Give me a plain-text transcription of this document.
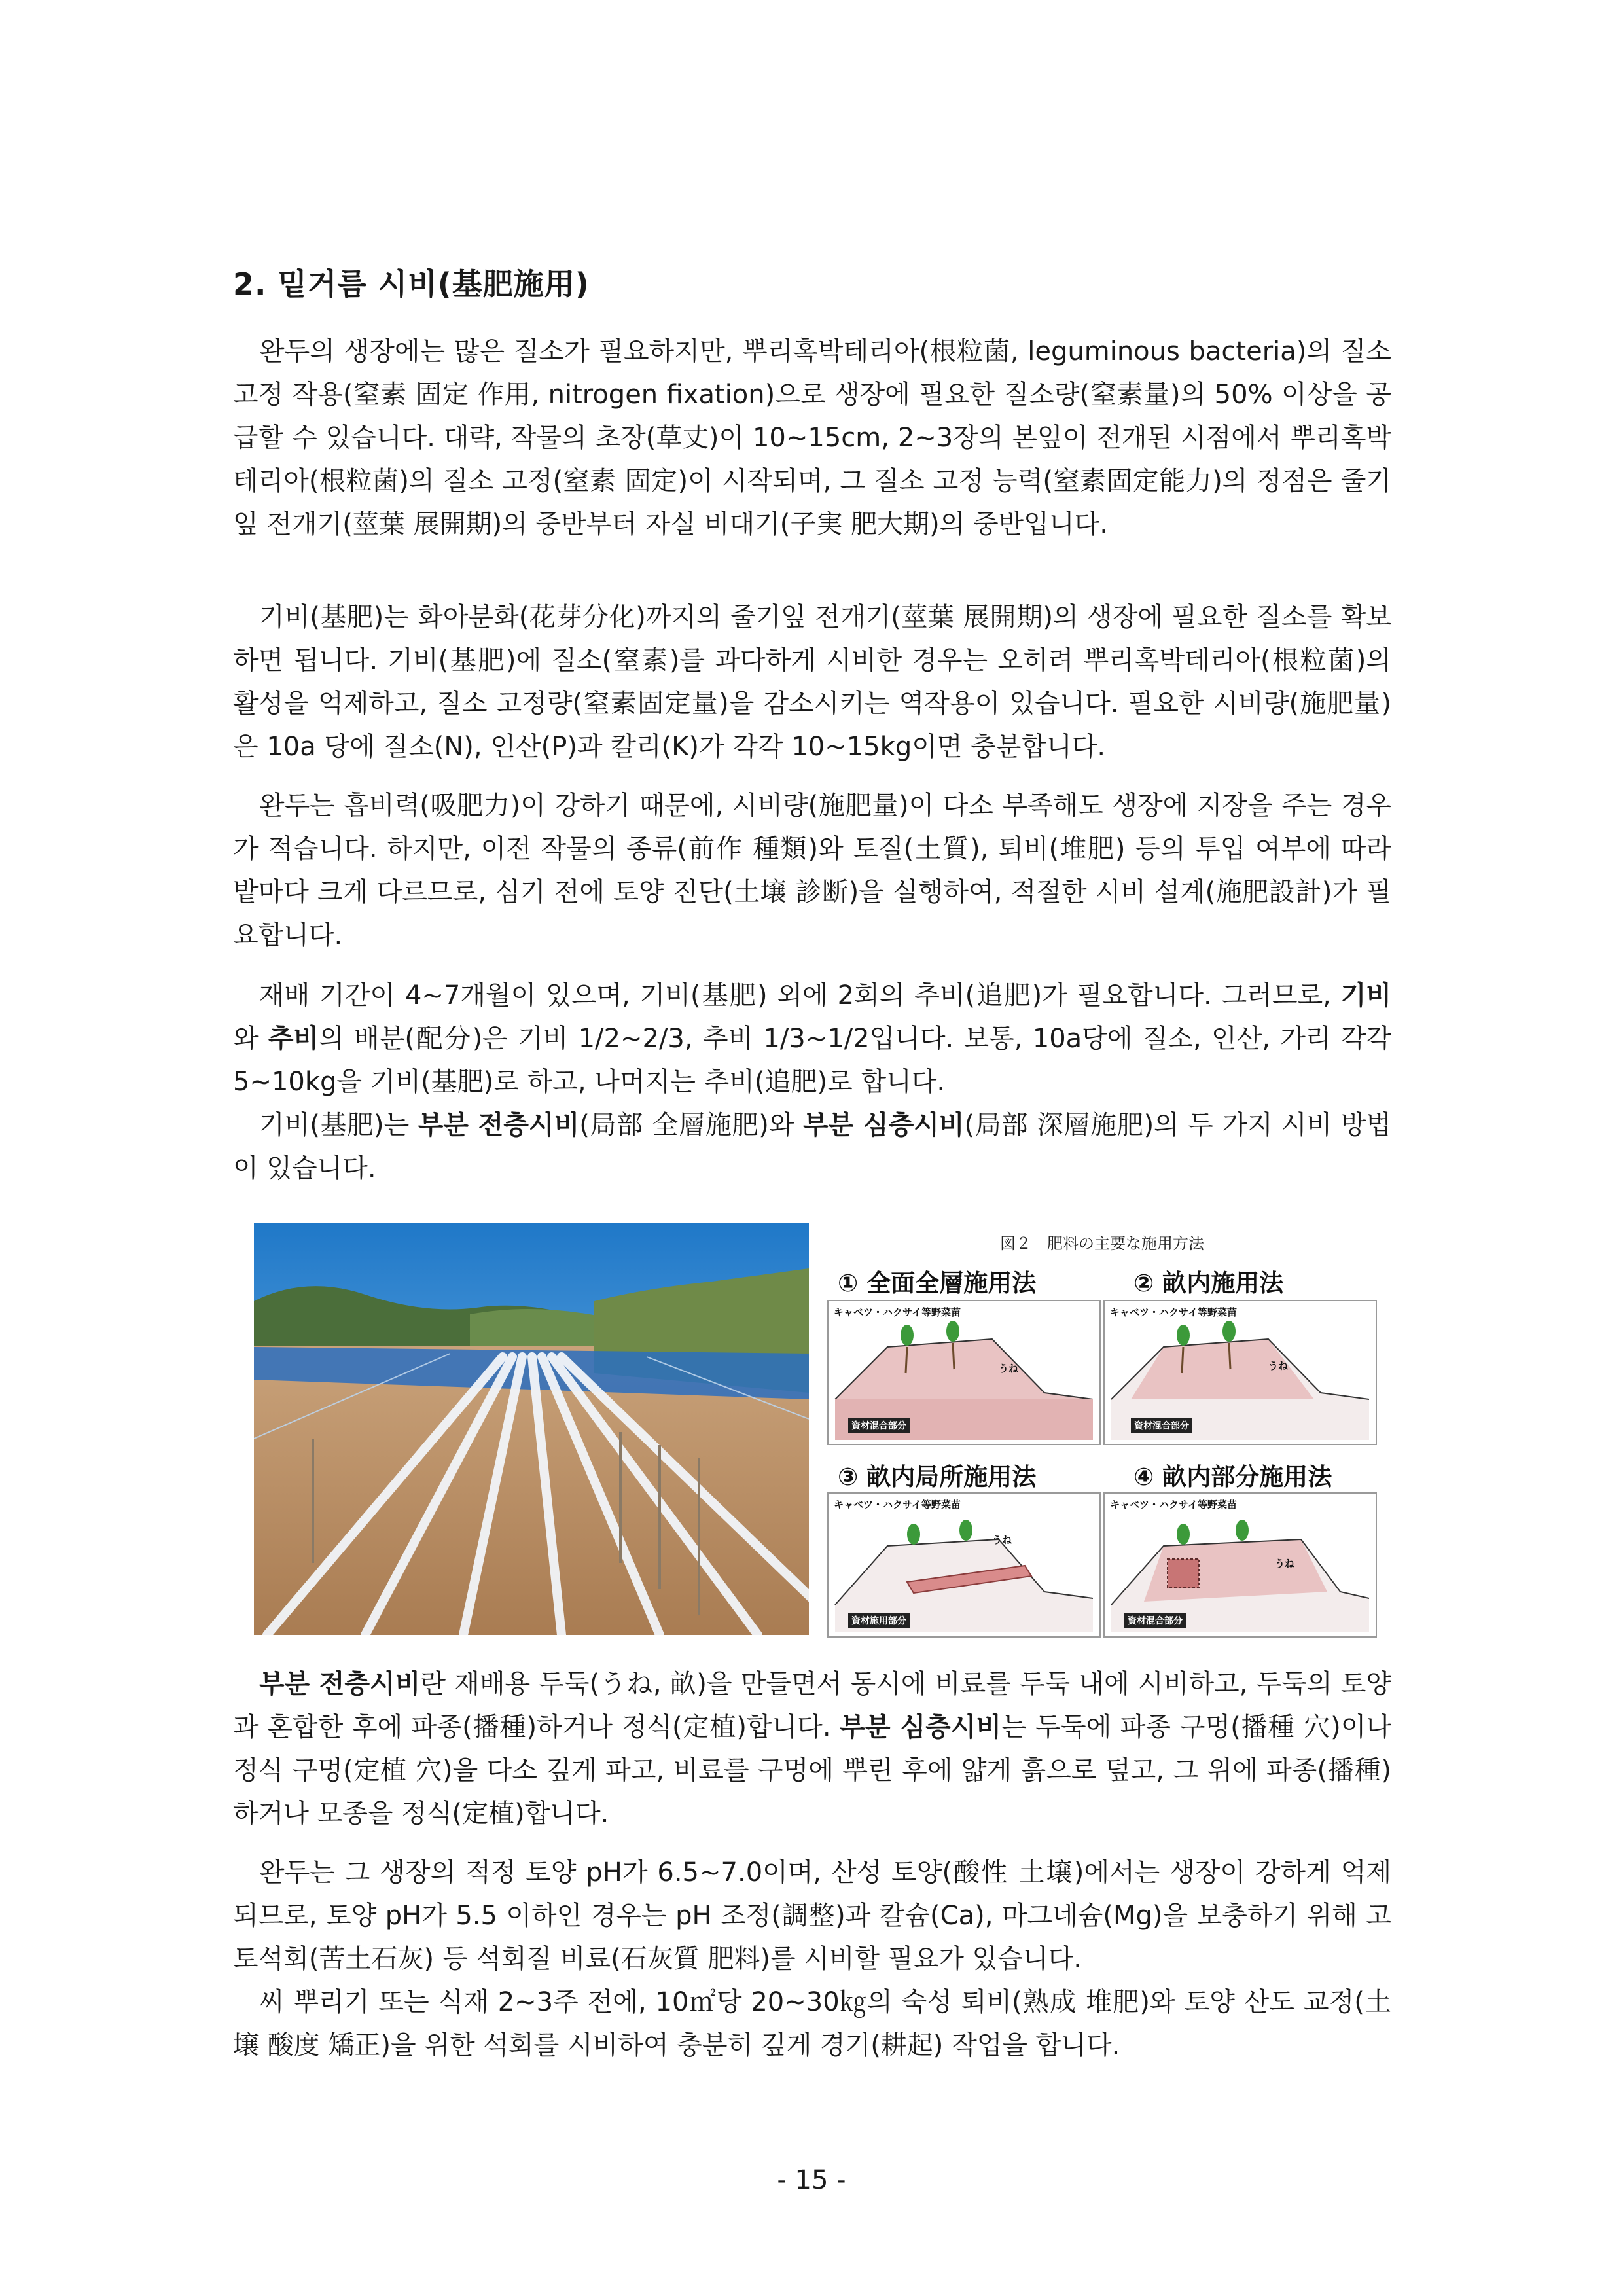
2. 밑거름 시비(基肥施用)

완두의 생장에는 많은 질소가 필요하지만, 뿌리혹박테리아(根粒菌, leguminous bacteria)의 질소 고정 작용(窒素 固定 作用, nitrogen fixation)으로 생장에 필요한 질소량(窒素量)의 50% 이상을 공급할 수 있습니다. 대략, 작물의 초장(草丈)이 10~15cm, 2~3장의 본잎이 전개된 시점에서 뿌리혹박테리아(根粒菌)의 질소 고정(窒素 固定)이 시작되며, 그 질소 고정 능력(窒素固定能力)의 정점은 줄기잎 전개기(莖葉 展開期)의 중반부터 자실 비대기(子実 肥大期)의 중반입니다.

기비(基肥)는 화아분화(花芽分化)까지의 줄기잎 전개기(莖葉 展開期)의 생장에 필요한 질소를 확보하면 됩니다. 기비(基肥)에 질소(窒素)를 과다하게 시비한 경우는 오히려 뿌리혹박테리아(根粒菌)의 활성을 억제하고, 질소 고정량(窒素固定量)을 감소시키는 역작용이 있습니다. 필요한 시비량(施肥量)은 10a 당에 질소(N), 인산(P)과 칼리(K)가 각각 10~15kg이면 충분합니다.

완두는 흡비력(吸肥力)이 강하기 때문에, 시비량(施肥量)이 다소 부족해도 생장에 지장을 주는 경우가 적습니다. 하지만, 이전 작물의 종류(前作 種類)와 토질(土質), 퇴비(堆肥) 등의 투입 여부에 따라 밭마다 크게 다르므로, 심기 전에 토양 진단(土壌 診断)을 실행하여, 적절한 시비 설계(施肥設計)가 필요합니다.

재배 기간이 4~7개월이 있으며, 기비(基肥) 외에 2회의 추비(追肥)가 필요합니다. 그러므로, 기비와 추비의 배분(配分)은 기비 1/2~2/3, 추비 1/3~1/2입니다. 보통, 10a당에 질소, 인산, 가리 각각 5~10kg을 기비(基肥)로 하고, 나머지는 추비(追肥)로 합니다.

기비(基肥)는 부분 전층시비(局部 全層施肥)와 부분 심층시비(局部 深層施肥)의 두 가지 시비 방법이 있습니다.

図２　肥料の主要な施用方法
① 全面全層施用法	② 畝内施用法
③ 畝内局所施用法	④ 畝内部分施用法
キャベツ・ハクサイ等野菜苗
うね
資材混合部分
キャベツ・ハクサイ等野菜苗
うね
資材混合部分
キャベツ・ハクサイ等野菜苗
うね
資材施用部分
キャベツ・ハクサイ等野菜苗
うね
資材混合部分

부분 전층시비란 재배용 두둑(うね, 畝)을 만들면서 동시에 비료를 두둑 내에 시비하고, 두둑의 토양과 혼합한 후에 파종(播種)하거나 정식(定植)합니다. 부분 심층시비는 두둑에 파종 구멍(播種 穴)이나 정식 구멍(定植 穴)을 다소 깊게 파고, 비료를 구멍에 뿌린 후에 얇게 흙으로 덮고, 그 위에 파종(播種)하거나 모종을 정식(定植)합니다.

완두는 그 생장의 적정 토양 pH가 6.5~7.0이며, 산성 토양(酸性 土壌)에서는 생장이 강하게 억제되므로, 토양 pH가 5.5 이하인 경우는 pH 조정(調整)과 칼슘(Ca), 마그네슘(Mg)을 보충하기 위해 고토석회(苦土石灰) 등 석회질 비료(石灰質 肥料)를 시비할 필요가 있습니다.

씨 뿌리기 또는 식재 2~3주 전에, 10㎡당 20~30㎏의 숙성 퇴비(熟成 堆肥)와 토양 산도 교정(土壌 酸度 矯正)을 위한 석회를 시비하여 충분히 깊게 경기(耕起) 작업을 합니다.

- 15 -
